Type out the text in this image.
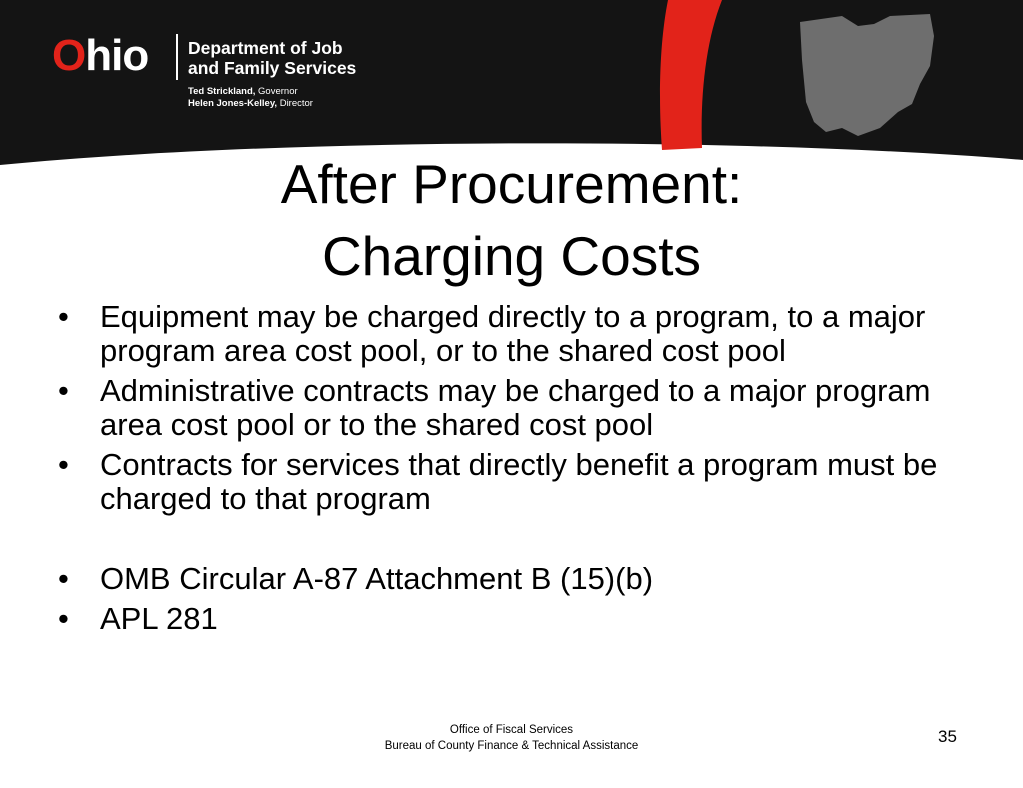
Ohio Department of Job
and Family Services
Ted Strickland, Governor
Helen Jones-Kelley, Director
After Procurement:
Charging Costs
• Equipment may be charged directly to a program, to a major program area cost pool, or to the shared cost pool
• Administrative contracts may be charged to a major program area cost pool or to the shared cost pool
• Contracts for services that directly benefit a program must be charged to that program
• OMB Circular A-87 Attachment B (15)(b)
• APL 281
Office of Fiscal Services
Bureau of County Finance & Technical Assistance	35
